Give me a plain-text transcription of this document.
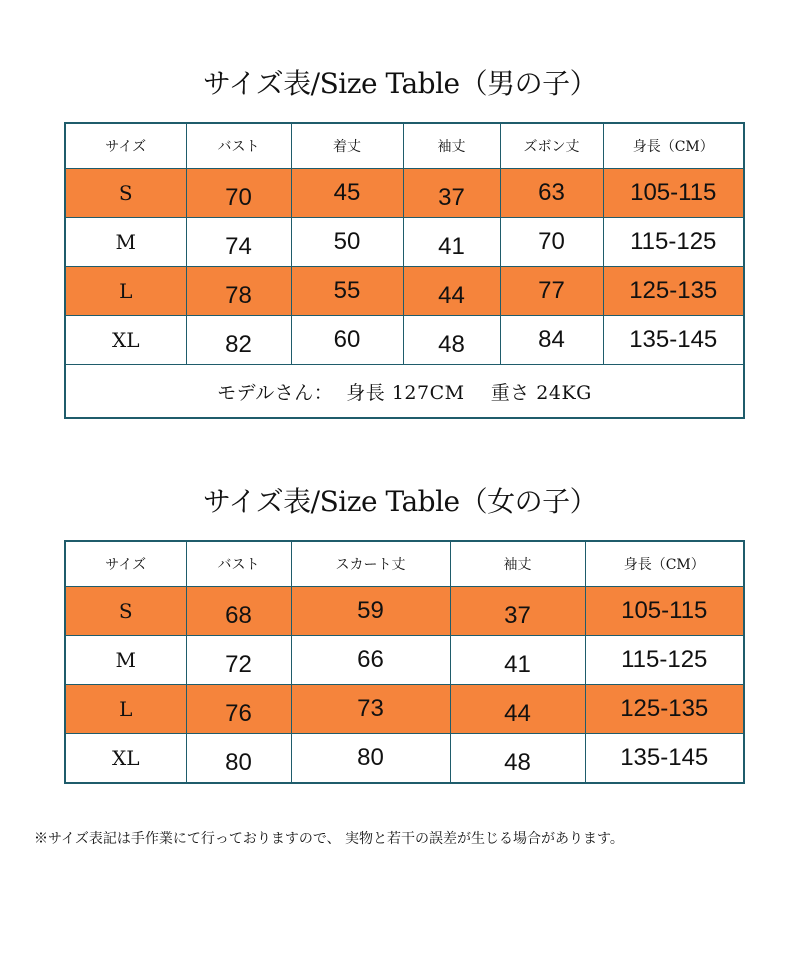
サイズ表/Size Table（男の子）
サイズ	バスト	着丈	袖丈	ズボン丈	身長（CM）
S	70	45	37	63	105-115
M	74	50	41	70	115-125
L	78	55	44	77	125-135
XL	82	60	48	84	135-145
モデルさん：  身長 127CM    重さ 24KG					
サイズ表/Size Table（女の子）
サイズ	バスト	スカート丈	袖丈	身長（CM）
S	68	59	37	105-115
M	72	66	41	115-125
L	76	73	44	125-135
XL	80	80	48	135-145
※サイズ表記は手作業にて行っておりますので、 実物と若干の誤差が生じる場合があります。
